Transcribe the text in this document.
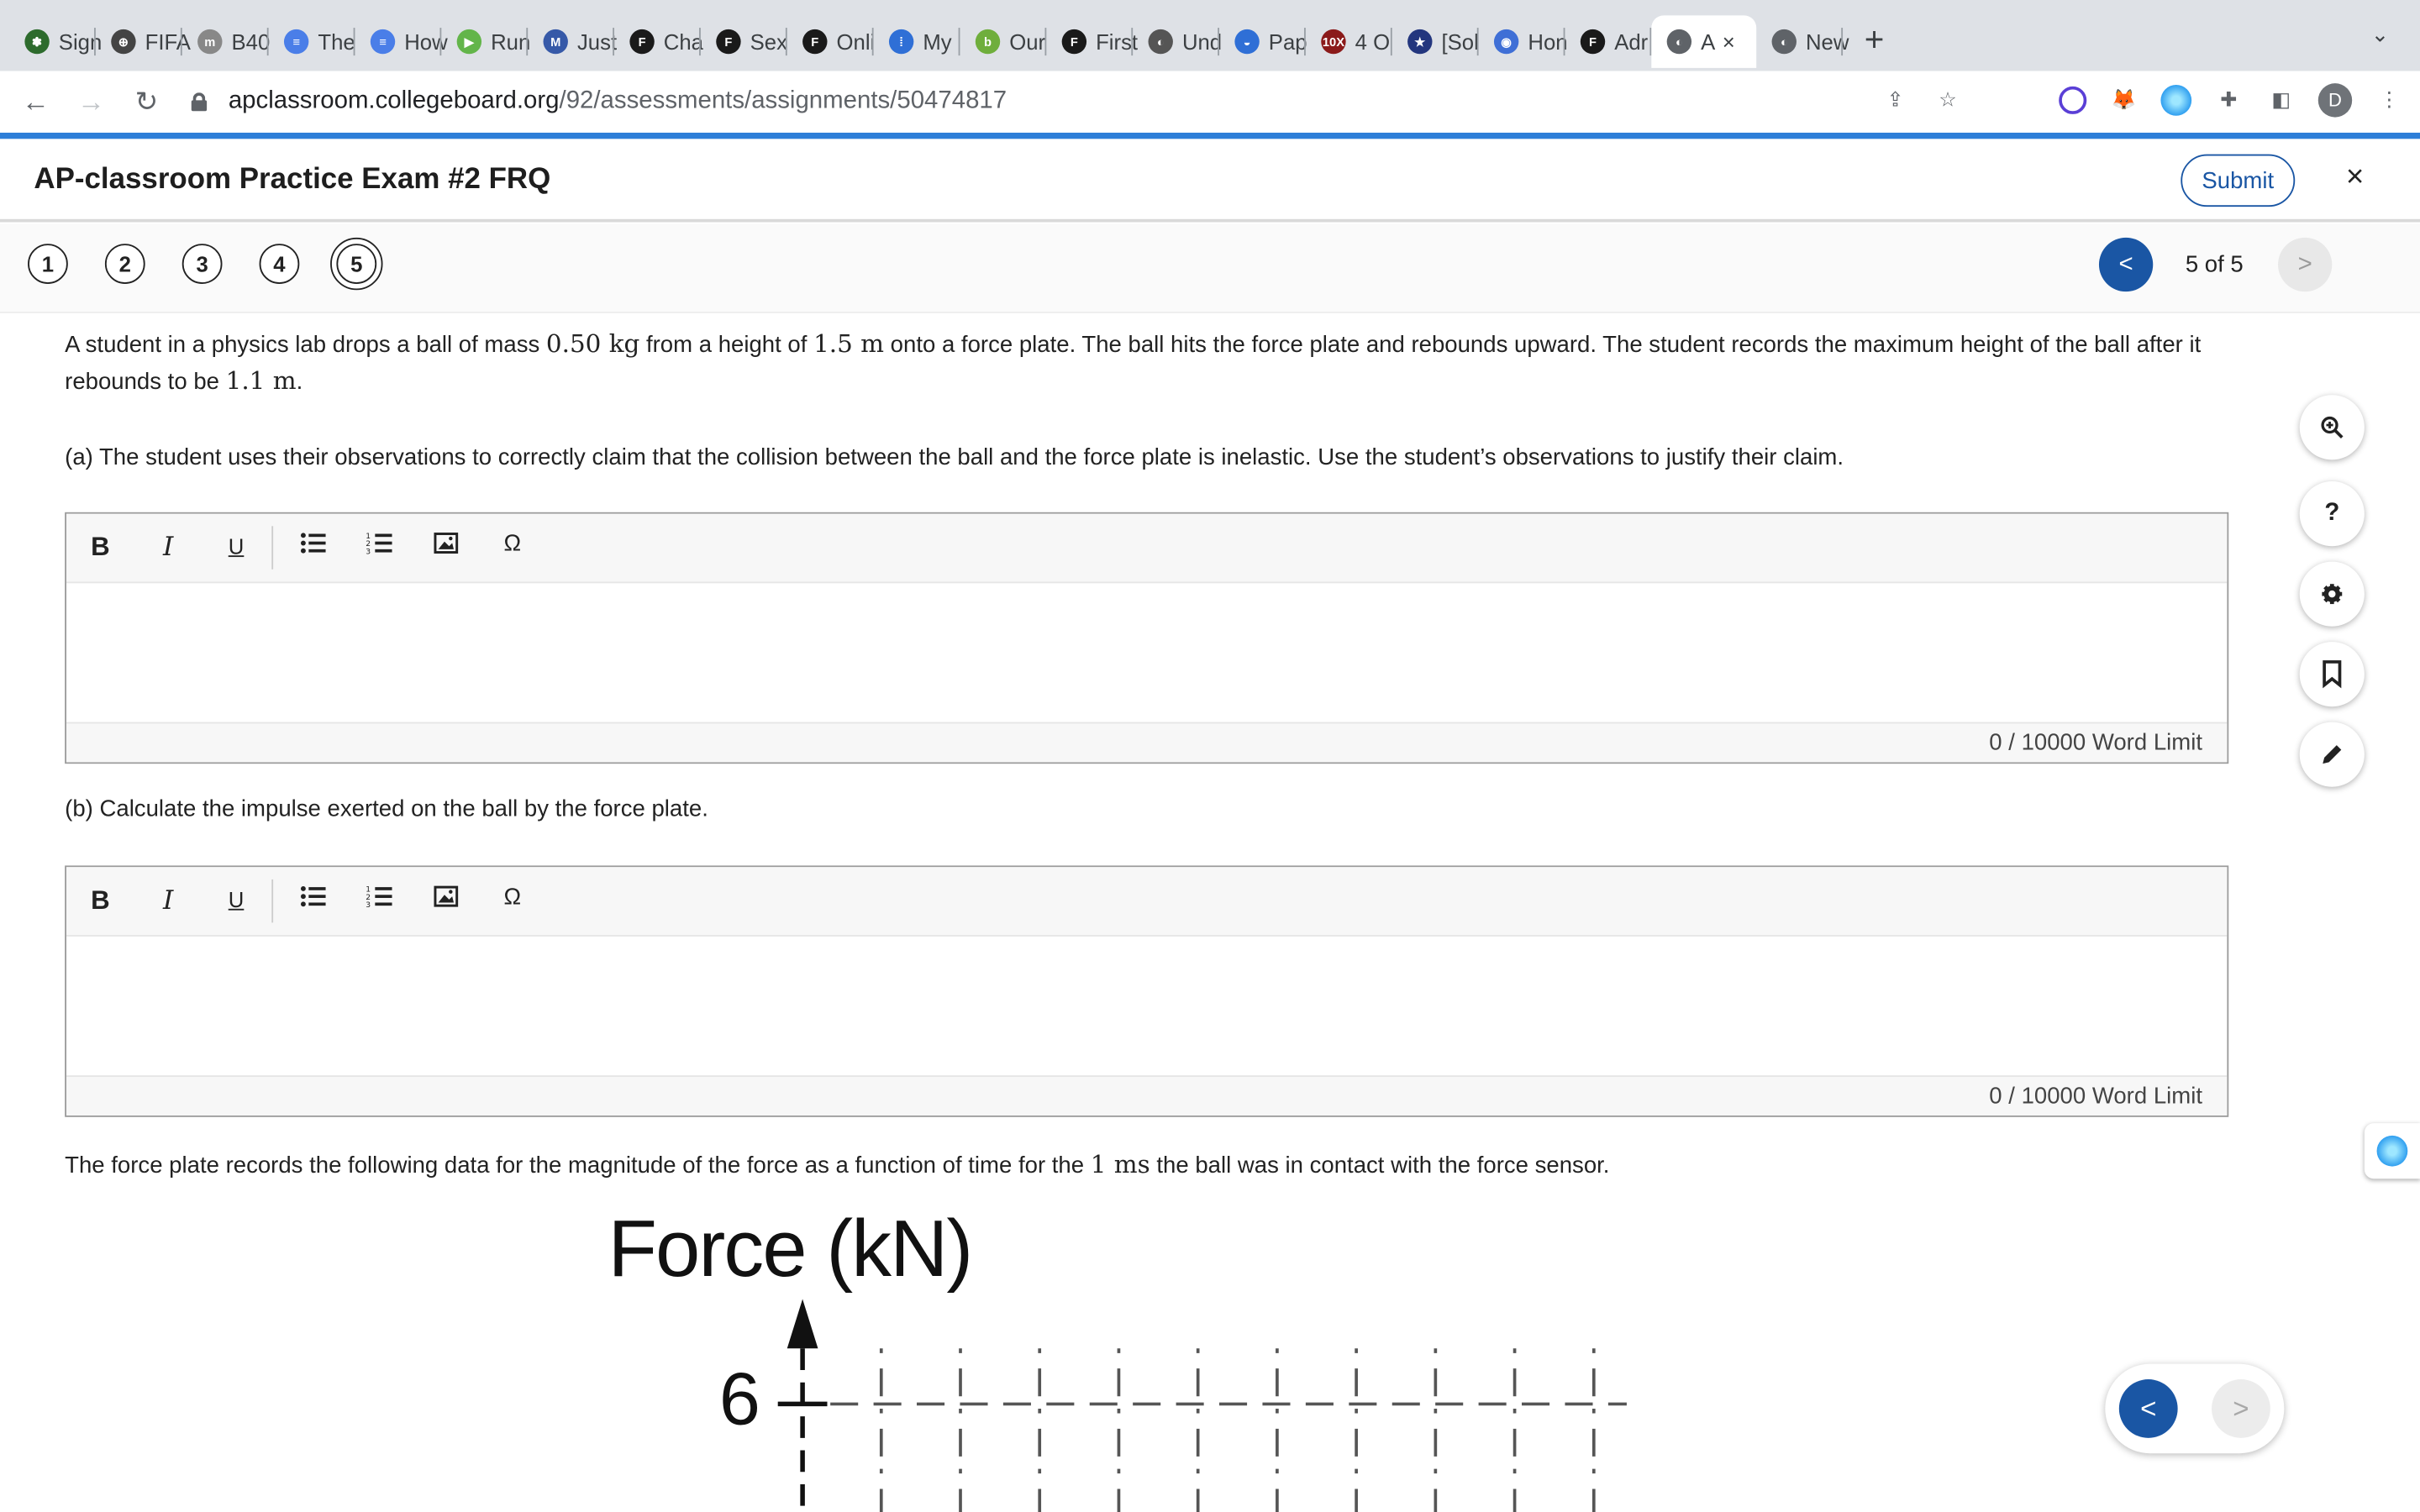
✽	Sign	⊕	FIFA	m	B40	≡	The	≡	How	▶	Run	M	Just	F	Cha	F	Sex	F	Onli	⁞	My	b	Our	F	First	◐	Und	◒	Pap 10X 4 O	★	[Sol	◉	Hon	F	Adr	◐	A ×	◐	New +	⌄
←	→	↻	apclassroom.collegeboard.org /92/assessments/assignments/50474817	⇪	☆	🦊	✚	◧	D	⋮
AP-classroom Practice Exam #2 FRQ	Submit	×
1	2	3	4	5	<	5 of 5	>
A student in a physics lab drops a ball of mass 0.50 kg from a height of 1.5 m onto a force plate. The ball hits the force plate and rebounds upward. The student records the maximum height of the ball after it rebounds to be 1.1 m.
(a) The student uses their observations to correctly claim that the collision between the ball and the force plate is inelastic. Use the student’s observations to justify their claim.
(b) Calculate the impulse exerted on the ball by the force plate.
The force plate records the following data for the magnitude of the force as a function of time for the 1 ms the ball was in contact with the force sensor.
B	I	U	1
2
3	Ω
0 / 10000 Word Limit
B	I	U	1
2
3	Ω
0 / 10000 Word Limit
?
Force (kN)
6	<	>
